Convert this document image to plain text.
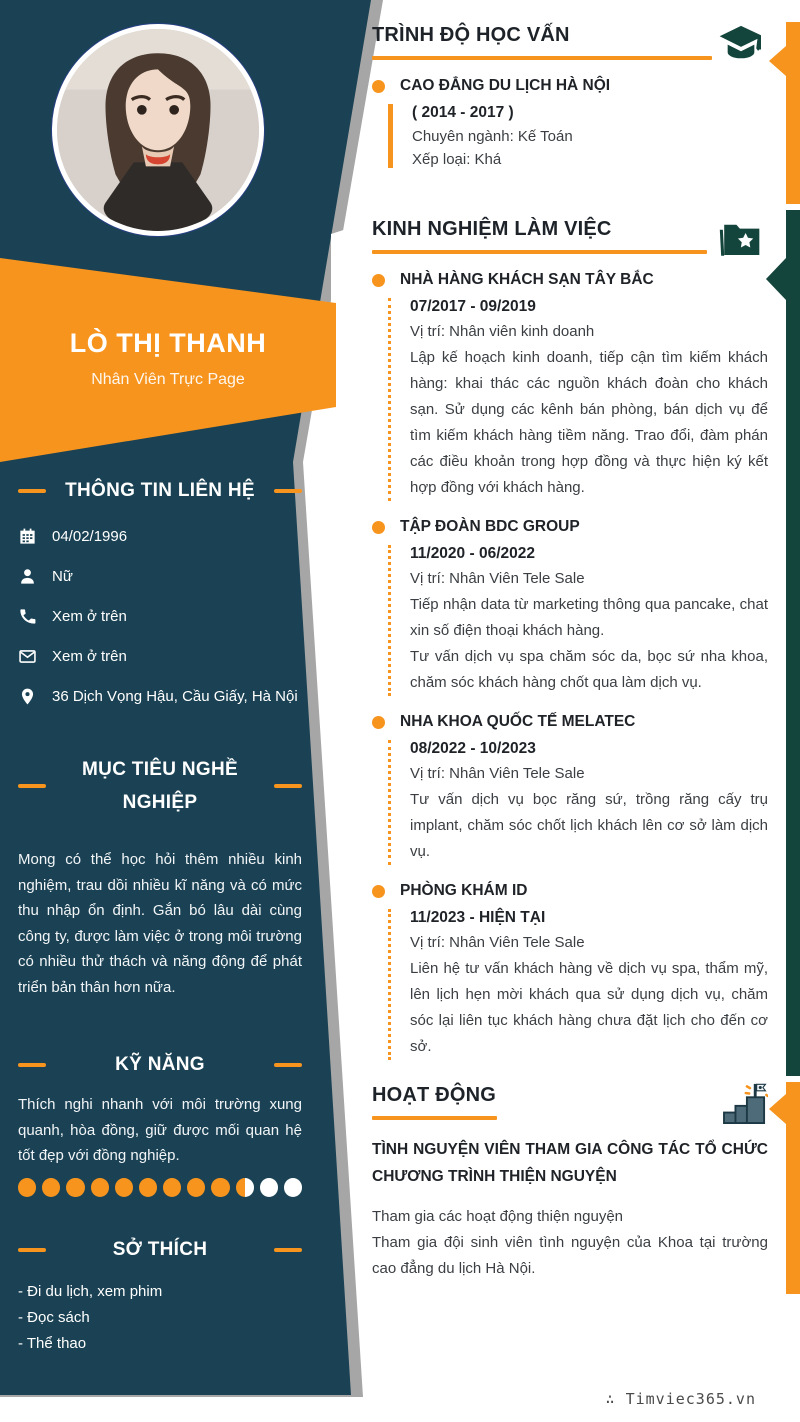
LÒ THỊ THANH
Nhân Viên Trực Page
THÔNG TIN LIÊN HỆ
04/02/1996
Nữ
Xem ở trên
Xem ở trên
36 Dịch Vọng Hậu, Cầu Giấy, Hà Nội
MỤC TIÊU NGHỀ NGHIỆP

Mong có thể học hỏi thêm nhiều kinh nghiệm, trau dồi nhiều kĩ năng và có mức thu nhập ổn định. Gắn bó lâu dài cùng công ty, được làm việc ở trong môi trường có nhiều thử thách và năng động để phát triển bản thân hơn nữa.

KỸ NĂNG

Thích nghi nhanh với môi trường xung quanh, hòa đồng, giữ được mối quan hệ tốt đẹp với đồng nghiệp.

SỞ THÍCH
- Đi du lịch, xem phim
- Đọc sách
- Thể thao
TRÌNH ĐỘ HỌC VẤN
CAO ĐẲNG DU LỊCH HÀ NỘI
( 2014 - 2017 )
Chuyên ngành: Kế Toán
Xếp loại: Khá
KINH NGHIỆM LÀM VIỆC
NHÀ HÀNG KHÁCH SẠN TÂY BẮC
07/2017 - 09/2019
Vị trí: Nhân viên kinh doanh
Lập kế hoạch kinh doanh, tiếp cận tìm kiếm khách hàng: khai thác các nguồn khách đoàn cho khách sạn. Sử dụng các kênh bán phòng, bán dịch vụ để tìm kiếm khách hàng tiềm năng. Trao đổi, đàm phán các điều khoản trong hợp đồng và thực hiện ký kết hợp đồng với khách hàng.
TẬP ĐOÀN BDC GROUP
11/2020 - 06/2022
Vị trí: Nhân Viên Tele Sale
Tiếp nhận data từ marketing thông qua pancake, chat xin số điện thoại khách hàng.
Tư vấn dịch vụ spa chăm sóc da, bọc sứ nha khoa, chăm sóc khách hàng chốt qua làm dịch vụ.
NHA KHOA QUỐC TẾ MELATEC
08/2022 - 10/2023
Vị trí: Nhân Viên Tele Sale
Tư vấn dịch vụ bọc răng sứ, trồng răng cấy trụ implant, chăm sóc chốt lịch khách lên cơ sở làm dịch vụ.
PHÒNG KHÁM ID
11/2023 - HIỆN TẠI
Vị trí: Nhân Viên Tele Sale
Liên hệ tư vấn khách hàng về dịch vụ spa, thẩm mỹ, lên lịch hẹn mời khách qua sử dụng dịch vụ, chăm sóc lại liên tục khách hàng chưa đặt lịch cho đến cơ sở.
HOẠT ĐỘNG
TÌNH NGUYỆN VIÊN THAM GIA CÔNG TÁC TỔ CHỨC CHƯƠNG TRÌNH THIỆN NGUYỆN
Tham gia các hoạt động thiện nguyện
Tham gia đội sinh viên tình nguyện của Khoa tại trường cao đẳng du lịch Hà Nội.
∴ Timviec365.vn
